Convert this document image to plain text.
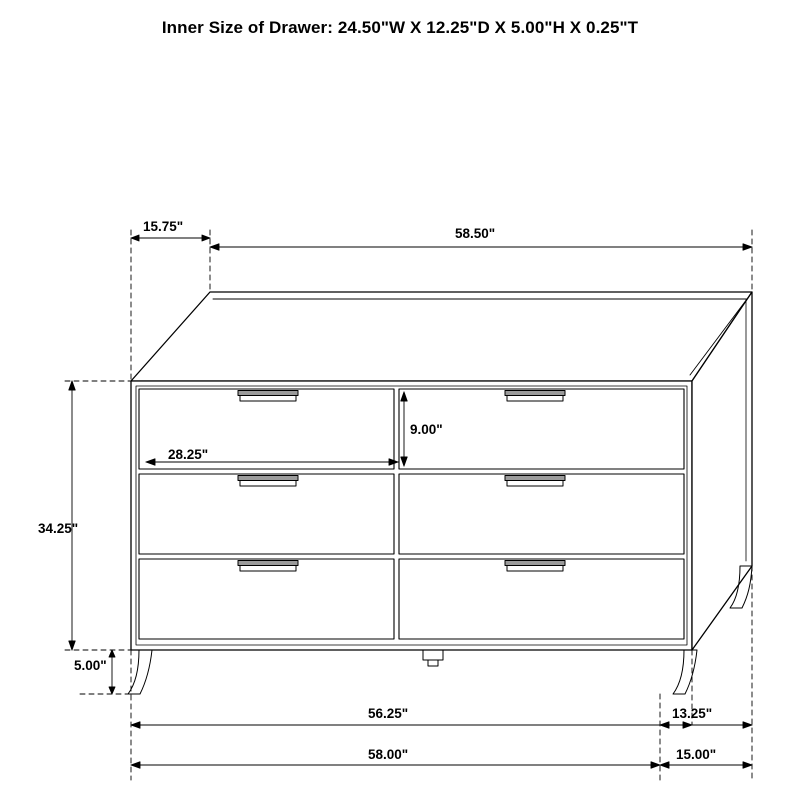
Inner Size of Drawer: 24.50"W X 12.25"D X 5.00"H X 0.25"T
15.75"	58.50"
28.25"
9.00"
34.25"
5.00"
56.25"	13.25"
58.00"	15.00"
